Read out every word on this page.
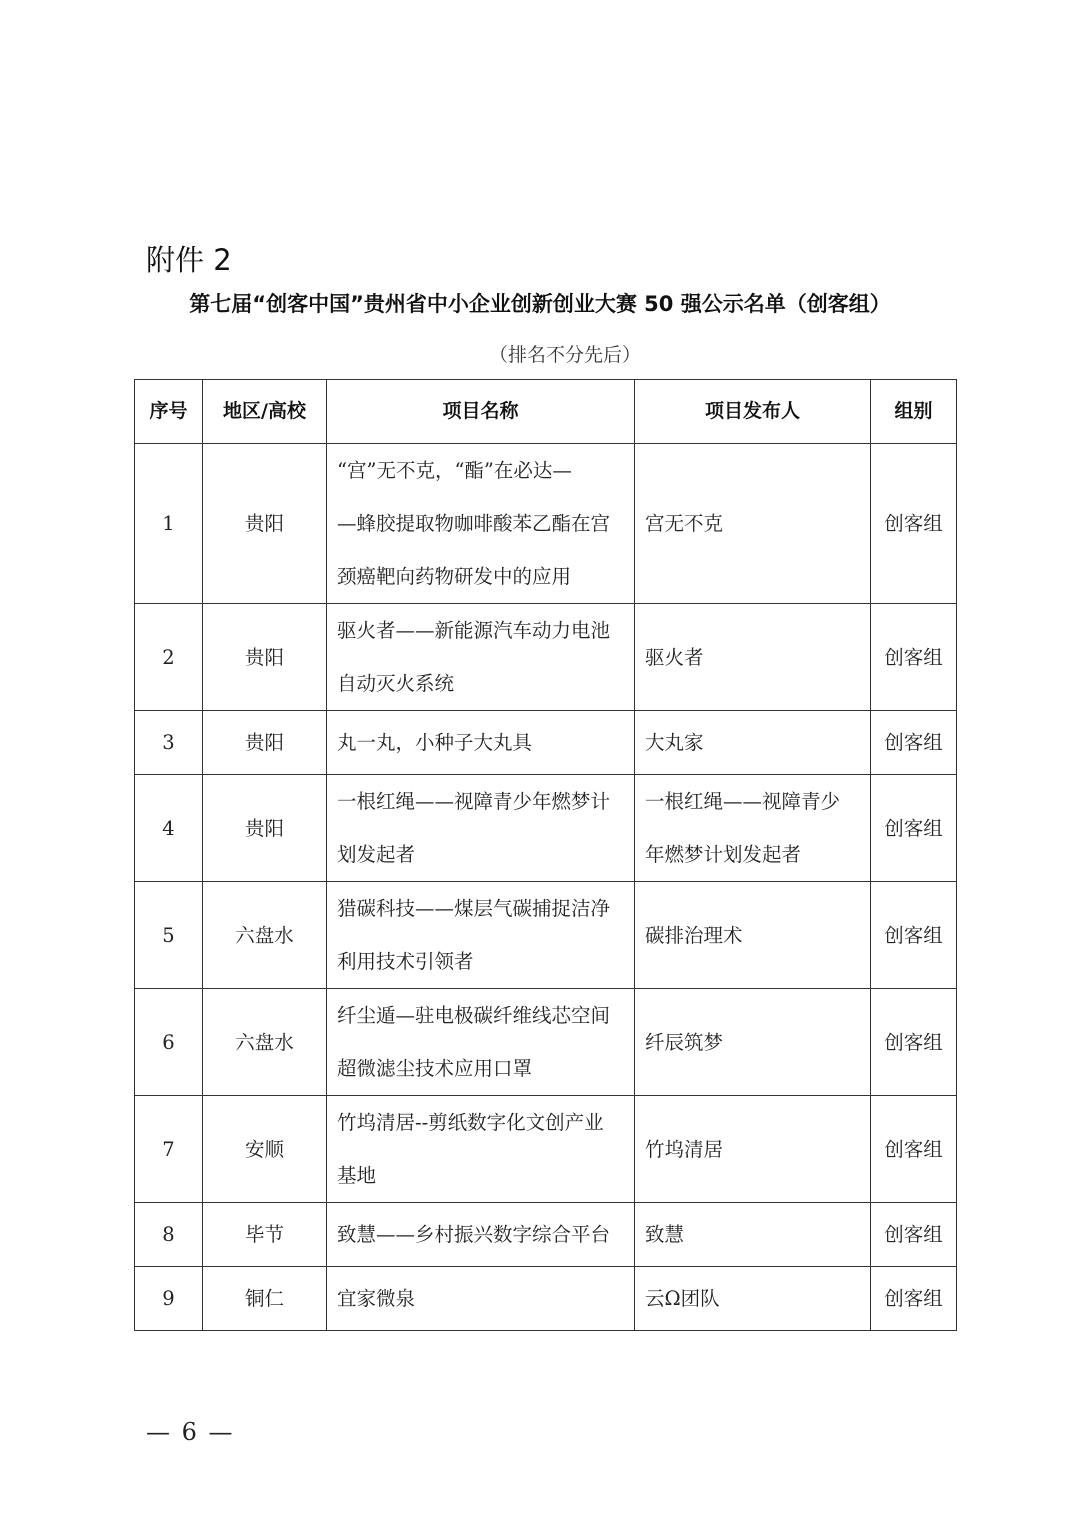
附件 2
第七届“创客中国”贵州省中小企业创新创业大赛 50 强公示名单（创客组）
（排名不分先后）
序号	地区/高校	项目名称	项目发布人	组别
1	贵阳	“宫”无不克，“酯”在必达—
—蜂胶提取物咖啡酸苯乙酯在宫
颈癌靶向药物研发中的应用	宫无不克	创客组
2	贵阳	驱火者——新能源汽车动力电池
自动灭火系统	驱火者	创客组
3	贵阳	丸一丸，小种子大丸具	大丸家	创客组
4	贵阳	一根红绳——视障青少年燃梦计
划发起者	一根红绳——视障青少
年燃梦计划发起者	创客组
5	六盘水	猎碳科技——煤层气碳捕捉洁净
利用技术引领者	碳排治理术	创客组
6	六盘水	纤尘遁—驻电极碳纤维线芯空间
超微滤尘技术应用口罩	纤辰筑梦	创客组
7	安顺	竹坞清居--剪纸数字化文创产业
基地	竹坞清居	创客组
8	毕节	致慧——乡村振兴数字综合平台	致慧	创客组
9	铜仁	宜家微泉	云Ω团队	创客组
— 6 —
